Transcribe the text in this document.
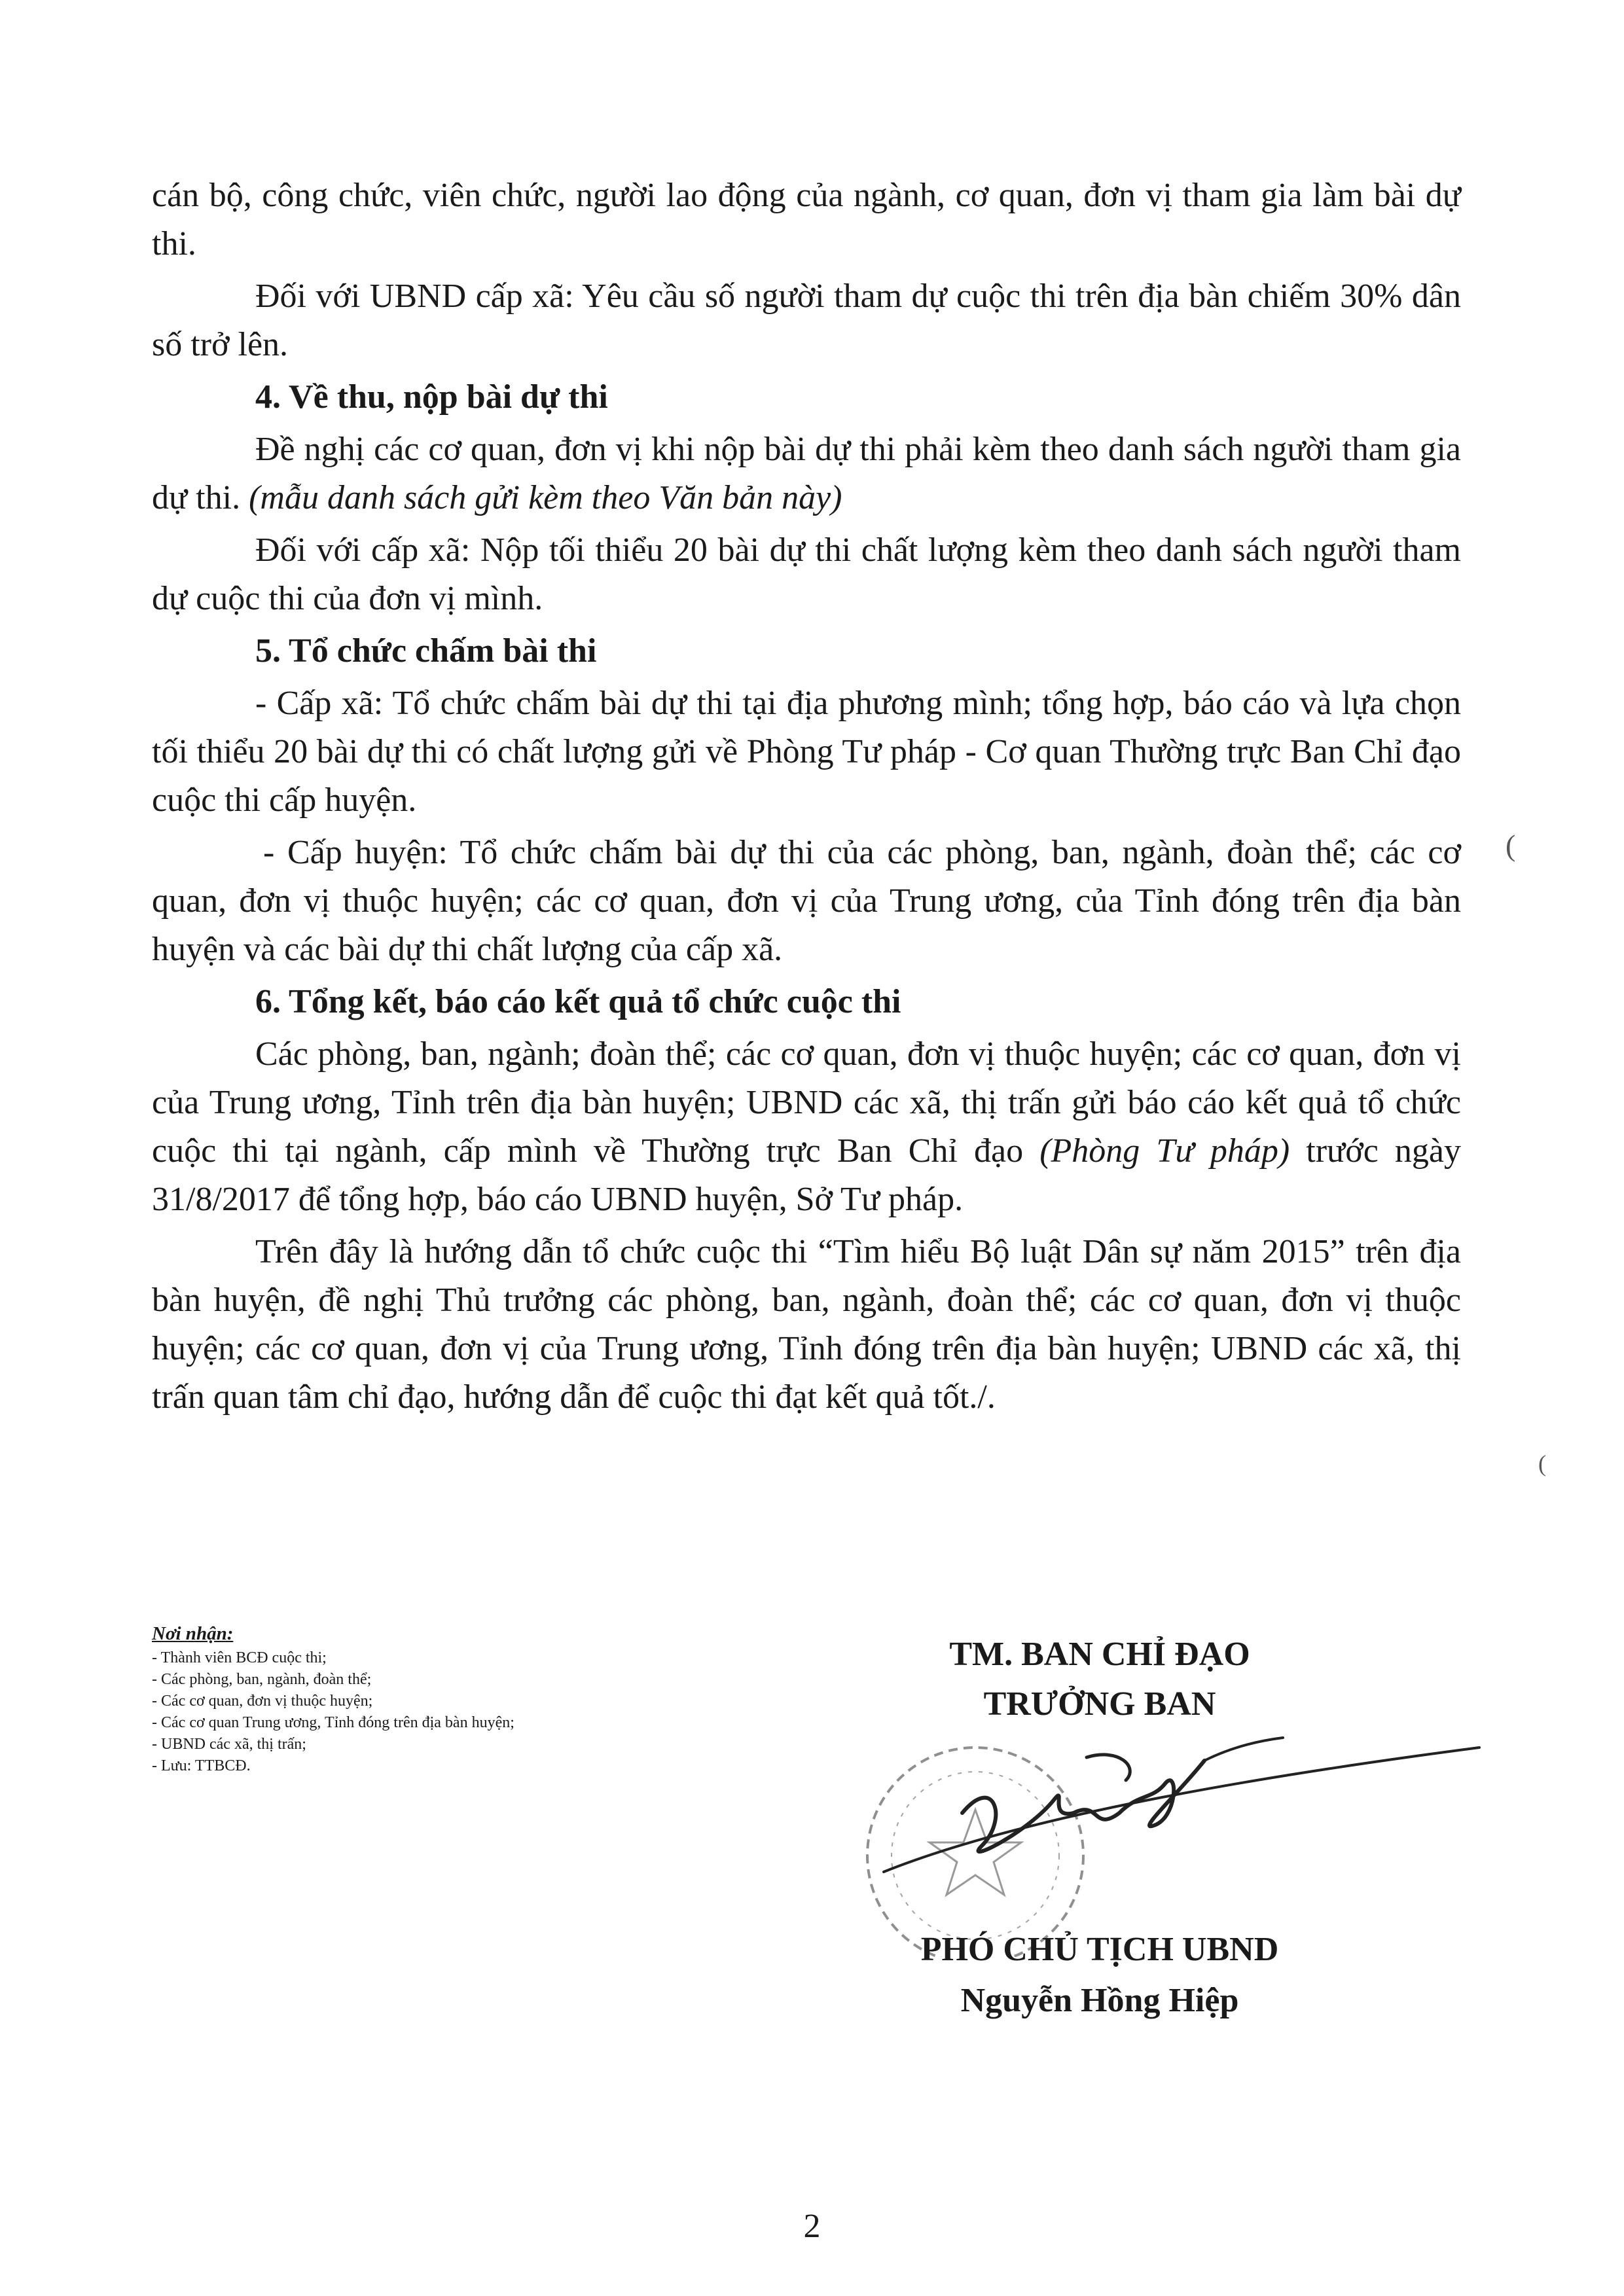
cán bộ, công chức, viên chức, người lao động của ngành, cơ quan, đơn vị tham gia làm bài dự thi.

Đối với UBND cấp xã: Yêu cầu số người tham dự cuộc thi trên địa bàn chiếm 30% dân số trở lên.

4. Về thu, nộp bài dự thi

Đề nghị các cơ quan, đơn vị khi nộp bài dự thi phải kèm theo danh sách người tham gia dự thi. (mẫu danh sách gửi kèm theo Văn bản này)

Đối với cấp xã: Nộp tối thiểu 20 bài dự thi chất lượng kèm theo danh sách người tham dự cuộc thi của đơn vị mình.

5. Tổ chức chấm bài thi

- Cấp xã: Tổ chức chấm bài dự thi tại địa phương mình; tổng hợp, báo cáo và lựa chọn tối thiểu 20 bài dự thi có chất lượng gửi về Phòng Tư pháp - Cơ quan Thường trực Ban Chỉ đạo cuộc thi cấp huyện.

- Cấp huyện: Tổ chức chấm bài dự thi của các phòng, ban, ngành, đoàn thể; các cơ quan, đơn vị thuộc huyện; các cơ quan, đơn vị của Trung ương, của Tỉnh đóng trên địa bàn huyện và các bài dự thi chất lượng của cấp xã.

6. Tổng kết, báo cáo kết quả tổ chức cuộc thi

Các phòng, ban, ngành; đoàn thể; các cơ quan, đơn vị thuộc huyện; các cơ quan, đơn vị của Trung ương, Tỉnh trên địa bàn huyện; UBND các xã, thị trấn gửi báo cáo kết quả tổ chức cuộc thi tại ngành, cấp mình về Thường trực Ban Chỉ đạo (Phòng Tư pháp) trước ngày 31/8/2017 để tổng hợp, báo cáo UBND huyện, Sở Tư pháp.

Trên đây là hướng dẫn tổ chức cuộc thi “Tìm hiểu Bộ luật Dân sự năm 2015” trên địa bàn huyện, đề nghị Thủ trưởng các phòng, ban, ngành, đoàn thể; các cơ quan, đơn vị thuộc huyện; các cơ quan, đơn vị của Trung ương, Tỉnh đóng trên địa bàn huyện; UBND các xã, thị trấn quan tâm chỉ đạo, hướng dẫn để cuộc thi đạt kết quả tốt./.

Nơi nhận:
- Thành viên BCĐ cuộc thi;
- Các phòng, ban, ngành, đoàn thể;
- Các cơ quan, đơn vị thuộc huyện;
- Các cơ quan Trung ương, Tỉnh đóng trên địa bàn huyện;
- UBND các xã, thị trấn;
- Lưu: TTBCĐ.
TM. BAN CHỈ ĐẠO
TRƯỞNG BAN
PHÓ CHỦ TỊCH UBND
Nguyễn Hồng Hiệp
2
(
(
